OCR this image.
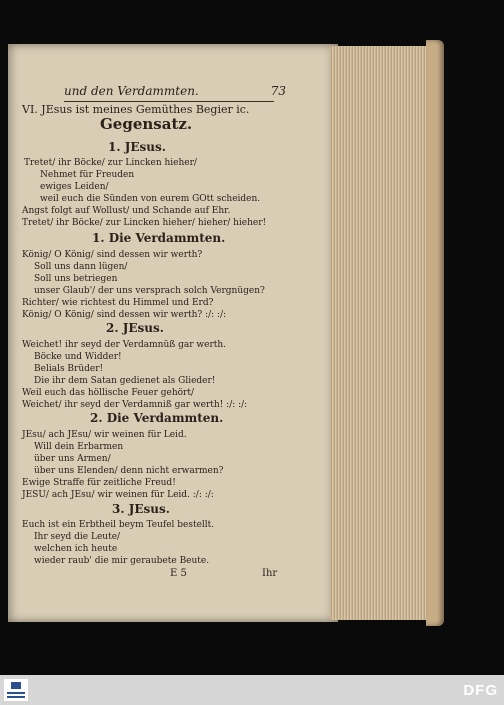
und den Verdammten.	73
VI. JEsus ist meines Gemüthes Begier ic.
Gegensatz.
1. JEsus.
Tretet/ ihr Böcke/ zur Lincken hieher/
Nehmet für Freuden
ewiges Leiden/
weil euch die Sünden von eurem GOtt scheiden.
Angst folgt auf Wollust/ und Schande auf Ehr.
Tretet/ ihr Böcke/ zur Lincken hieher/ hieher/ hieher!
1. Die Verdammten.
König/ O König/ sind dessen wir werth?
Soll uns dann lügen/
Soll uns betriegen
unser Glaub'/ der uns versprach solch Vergnügen?
Richter/ wie richtest du Himmel und Erd?
König/ O König/ sind dessen wir werth? :/: :/:
2. JEsus.
Weichet! ihr seyd der Verdamnüß gar werth.
Böcke und Widder!
Belials Brüder!
Die ihr dem Satan gedienet als Glieder!
Weil euch das höllische Feuer gehört/
Weichet/ ihr seyd der Verdamniß gar werth! :/: :/:
2. Die Verdammten.
JEsu/ ach JEsu/ wir weinen für Leid.
Will dein Erbarmen
über uns Armen/
über uns Elenden/ denn nicht erwarmen?
Ewige Straffe für zeitliche Freud!
JESU/ ach JEsu/ wir weinen für Leid. :/: :/:
3. JEsus.
Euch ist ein Erbtheil beym Teufel bestellt.
Ihr seyd die Leute/
welchen ich heute
wieder raub' die mir geraubete Beute.
E 5	Ihr
DFG
